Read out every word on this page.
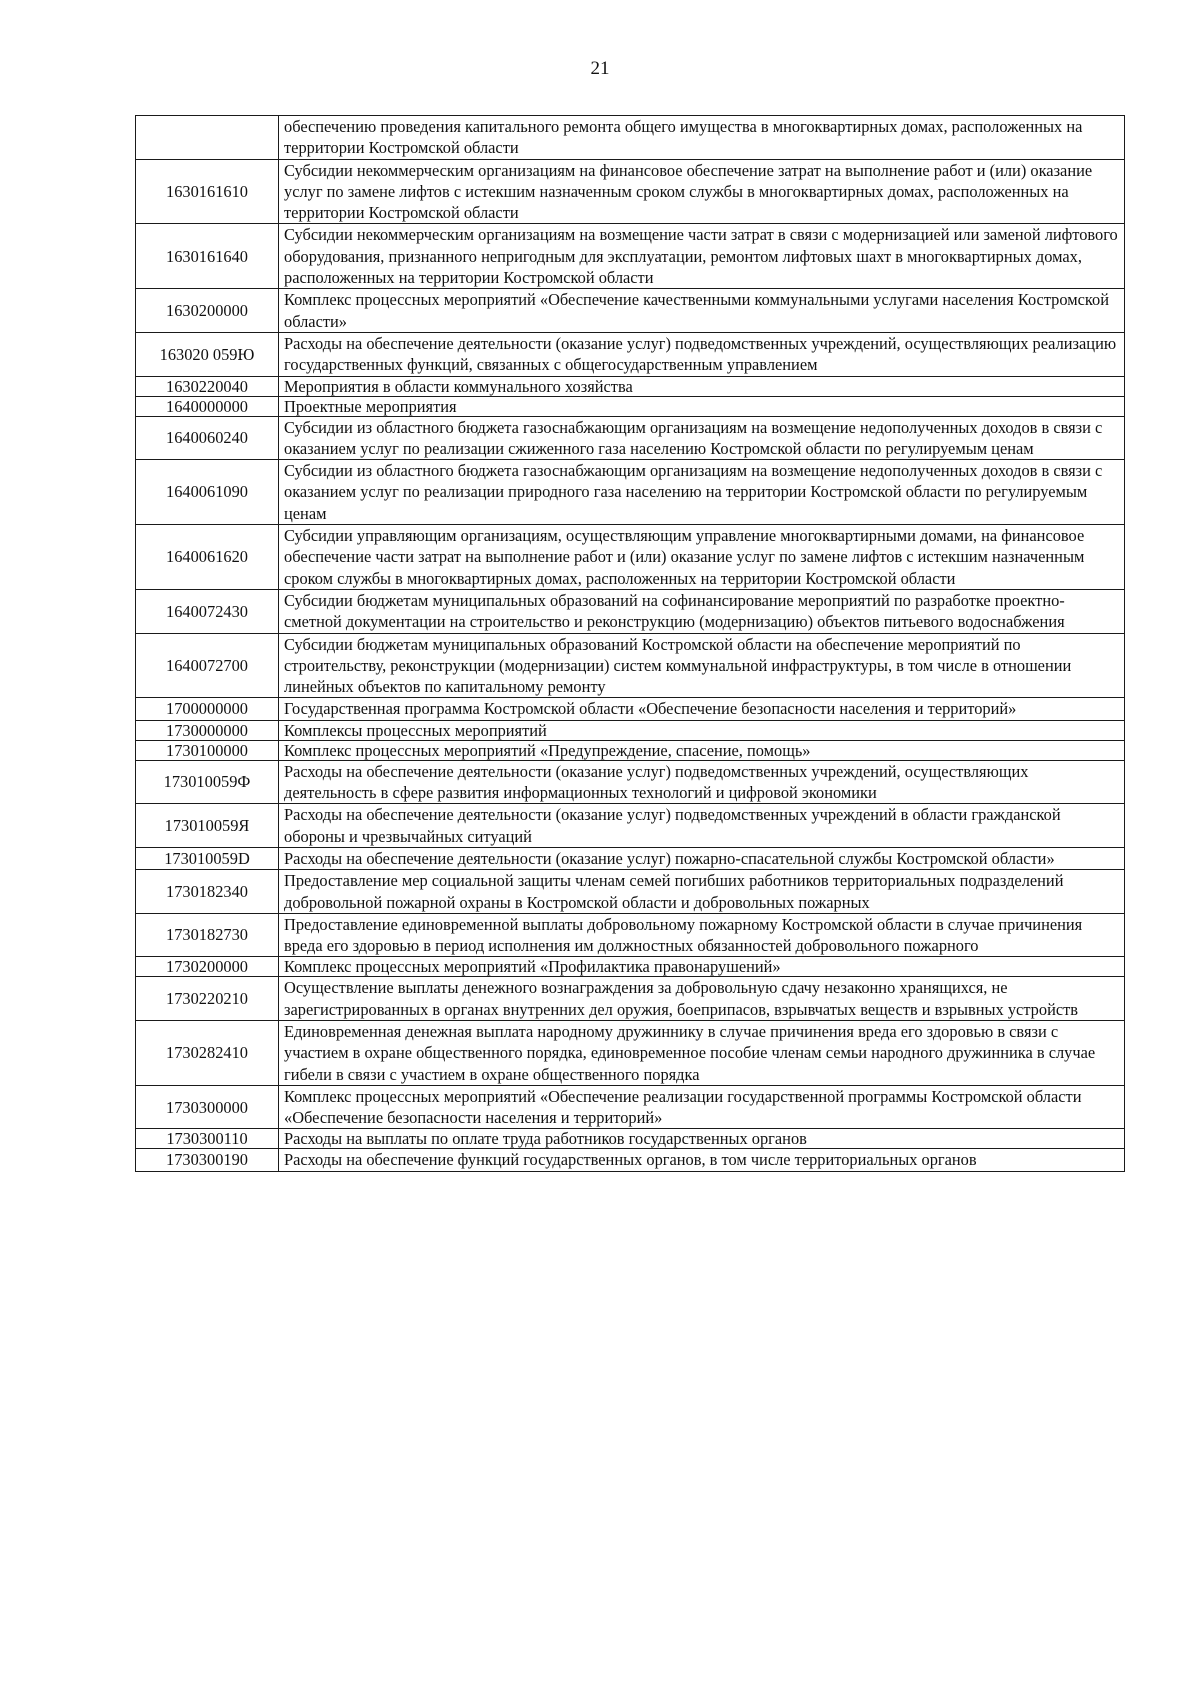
21
	обеспечению проведения капитального ремонта общего имущества в многоквартирных домах, расположенных на территории Костромской области
1630161610	Субсидии некоммерческим организациям на финансовое обеспечение затрат на выполнение работ и (или) оказание услуг по замене лифтов с истекшим назначенным сроком службы в многоквартирных домах, расположенных на территории Костромской области
1630161640	Субсидии некоммерческим организациям на возмещение части затрат в связи с модернизацией или заменой лифтового оборудования, признанного непригодным для эксплуатации, ремонтом лифтовых шахт в многоквартирных домах, расположенных на территории Костромской области
1630200000	Комплекс процессных мероприятий «Обеспечение качественными коммунальными услугами населения Костромской области»
163020 059Ю	Расходы на обеспечение деятельности (оказание услуг) подведомственных учреждений, осуществляющих реализацию государственных функций, связанных с общегосударственным управлением
1630220040	Мероприятия в области коммунального хозяйства
1640000000	Проектные мероприятия
1640060240	Субсидии из областного бюджета газоснабжающим организациям на возмещение недополученных доходов в связи с оказанием услуг по реализации сжиженного газа населению Костромской области по регулируемым ценам
1640061090	Субсидии из областного бюджета газоснабжающим организациям на возмещение недополученных доходов в связи с оказанием услуг по реализации природного газа населению на территории Костромской области по регулируемым ценам
1640061620	Субсидии управляющим организациям, осуществляющим управление многоквартирными домами, на финансовое обеспечение части затрат на выполнение работ и (или) оказание услуг по замене лифтов с истекшим назначенным сроком службы в многоквартирных домах, расположенных на территории Костромской области
1640072430	Субсидии бюджетам муниципальных образований на софинансирование мероприятий по разработке проектно-сметной документации на строительство и реконструкцию (модернизацию) объектов питьевого водоснабжения
1640072700	Субсидии бюджетам муниципальных образований Костромской области на обеспечение мероприятий по строительству, реконструкции (модернизации) систем коммунальной инфраструктуры, в том числе в отношении линейных объектов по капитальному ремонту
1700000000	Государственная программа Костромской области «Обеспечение безопасности населения и территорий»
1730000000	Комплексы процессных мероприятий
1730100000	Комплекс процессных мероприятий «Предупреждение, спасение, помощь»
173010059Ф	Расходы на обеспечение деятельности (оказание услуг) подведомственных учреждений, осуществляющих деятельность в сфере развития информационных технологий и цифровой экономики
173010059Я	Расходы на обеспечение деятельности (оказание услуг) подведомственных учреждений в области гражданской обороны и чрезвычайных ситуаций
173010059D	Расходы на обеспечение деятельности (оказание услуг) пожарно-спасательной службы Костромской области»
1730182340	Предоставление мер социальной защиты членам семей погибших работников территориальных подразделений добровольной пожарной охраны в Костромской области и добровольных пожарных
1730182730	Предоставление единовременной выплаты добровольному пожарному Костромской области в случае причинения вреда его здоровью в период исполнения им должностных обязанностей добровольного пожарного
1730200000	Комплекс процессных мероприятий «Профилактика правонарушений»
1730220210	Осуществление выплаты денежного вознаграждения за добровольную сдачу незаконно хранящихся, не зарегистрированных в органах внутренних дел оружия, боеприпасов, взрывчатых веществ и взрывных устройств
1730282410	Единовременная денежная выплата народному дружиннику в случае причинения вреда его здоровью в связи с участием в охране общественного порядка, единовременное пособие членам семьи народного дружинника в случае гибели в связи с участием в охране общественного порядка
1730300000	Комплекс процессных мероприятий «Обеспечение реализации государственной программы Костромской области «Обеспечение безопасности населения и территорий»
1730300110	Расходы на выплаты по оплате труда работников государственных органов
1730300190	Расходы на обеспечение функций государственных органов, в том числе территориальных органов
